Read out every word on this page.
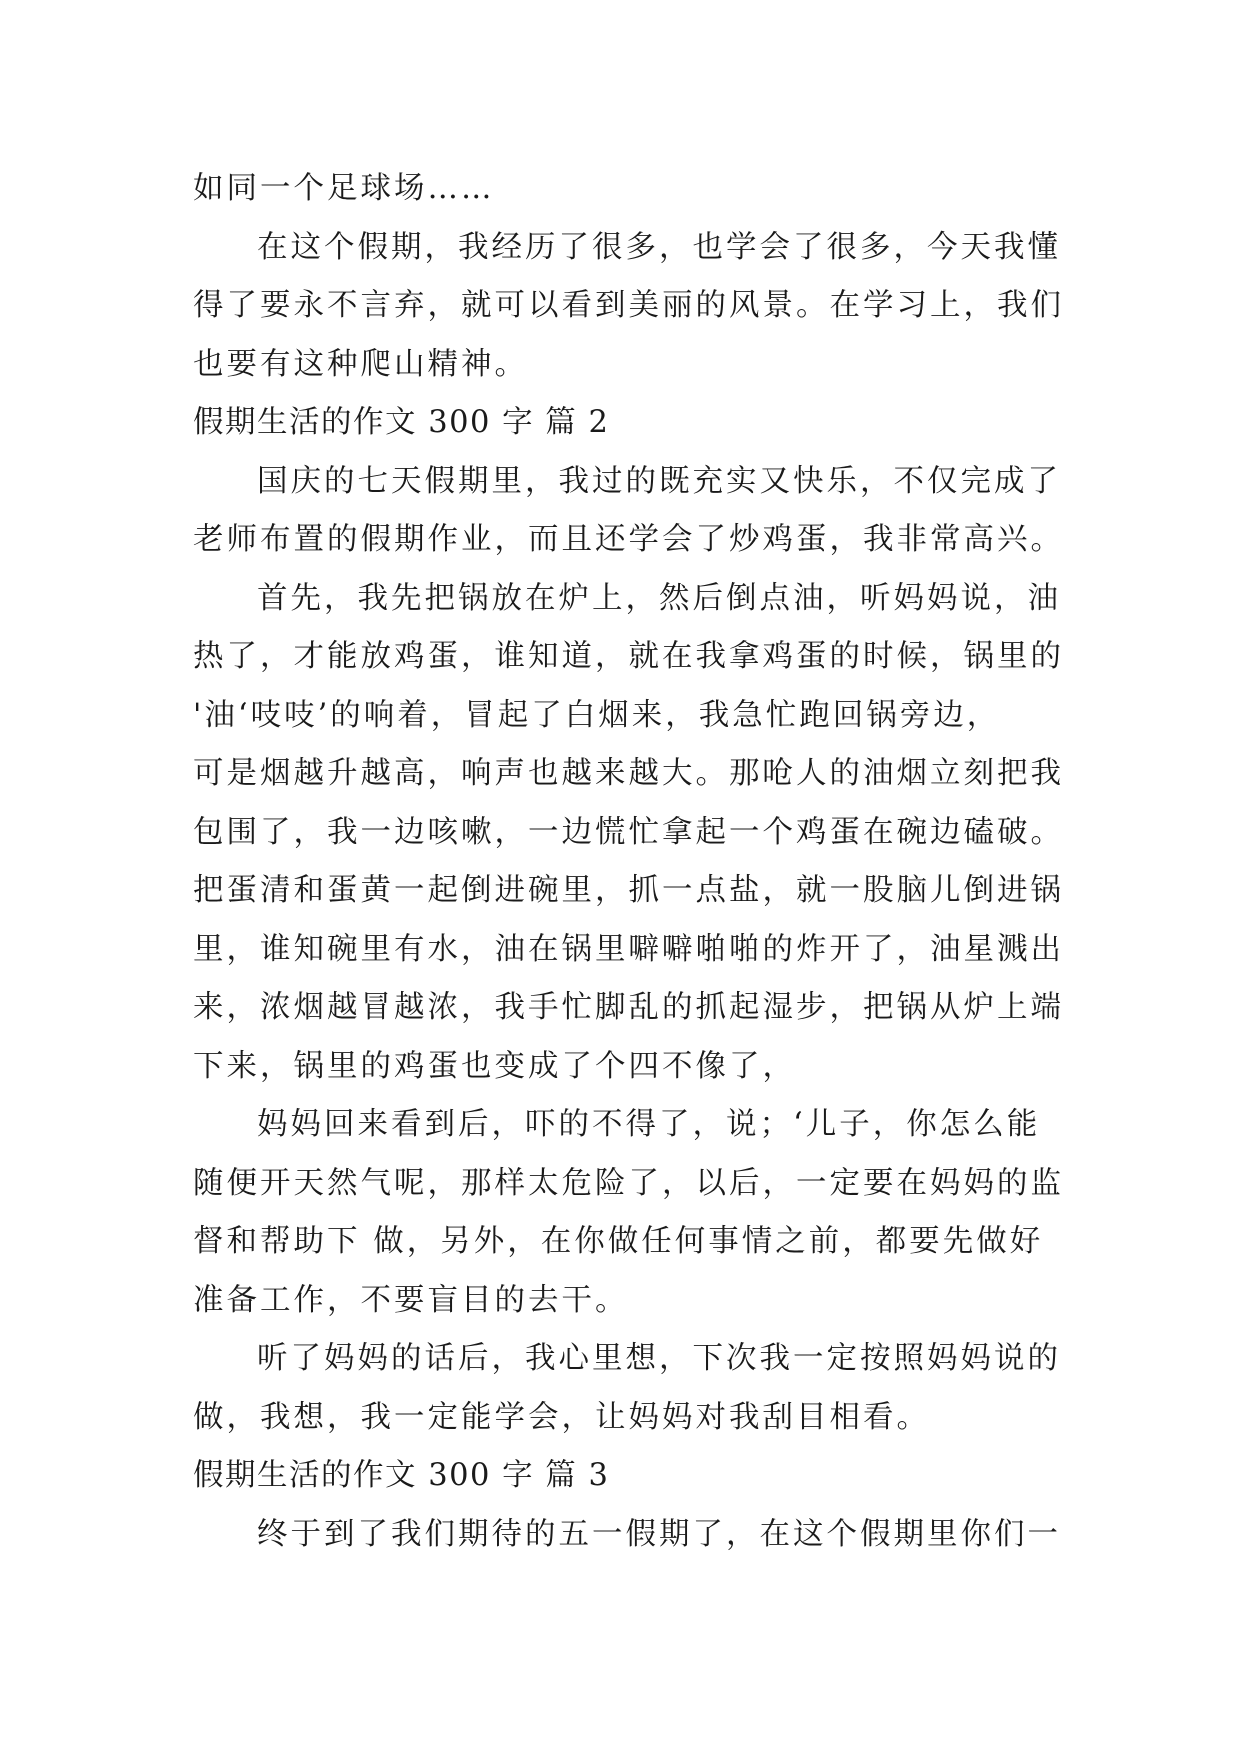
如同一个足球场……
在这个假期，我经历了很多，也学会了很多，今天我懂
得了要永不言弃，就可以看到美丽的风景。在学习上，我们
也要有这种爬山精神。
假期生活的作文 300 字 篇 2
国庆的七天假期里，我过的既充实又快乐，不仅完成了
老师布置的假期作业，而且还学会了炒鸡蛋，我非常高兴。
首先，我先把锅放在炉上，然后倒点油，听妈妈说，油
热了，才能放鸡蛋，谁知道，就在我拿鸡蛋的时候，锅里的
'油‘吱吱’的响着，冒起了白烟来，我急忙跑回锅旁边，
可是烟越升越高，响声也越来越大。那呛人的油烟立刻把我
包围了，我一边咳嗽，一边慌忙拿起一个鸡蛋在碗边磕破。
把蛋清和蛋黄一起倒进碗里，抓一点盐，就一股脑儿倒进锅
里，谁知碗里有水，油在锅里噼噼啪啪的炸开了，油星溅出
来，浓烟越冒越浓，我手忙脚乱的抓起湿步，把锅从炉上端
下来，锅里的鸡蛋也变成了个四不像了，
妈妈回来看到后，吓的不得了，说；‘儿子，你怎么能
随便开天然气呢，那样太危险了，以后，一定要在妈妈的监
督和帮助下 做，另外，在你做任何事情之前，都要先做好
准备工作，不要盲目的去干。
听了妈妈的话后，我心里想，下次我一定按照妈妈说的
做，我想，我一定能学会，让妈妈对我刮目相看。
假期生活的作文 300 字 篇 3
终于到了我们期待的五一假期了，在这个假期里你们一
